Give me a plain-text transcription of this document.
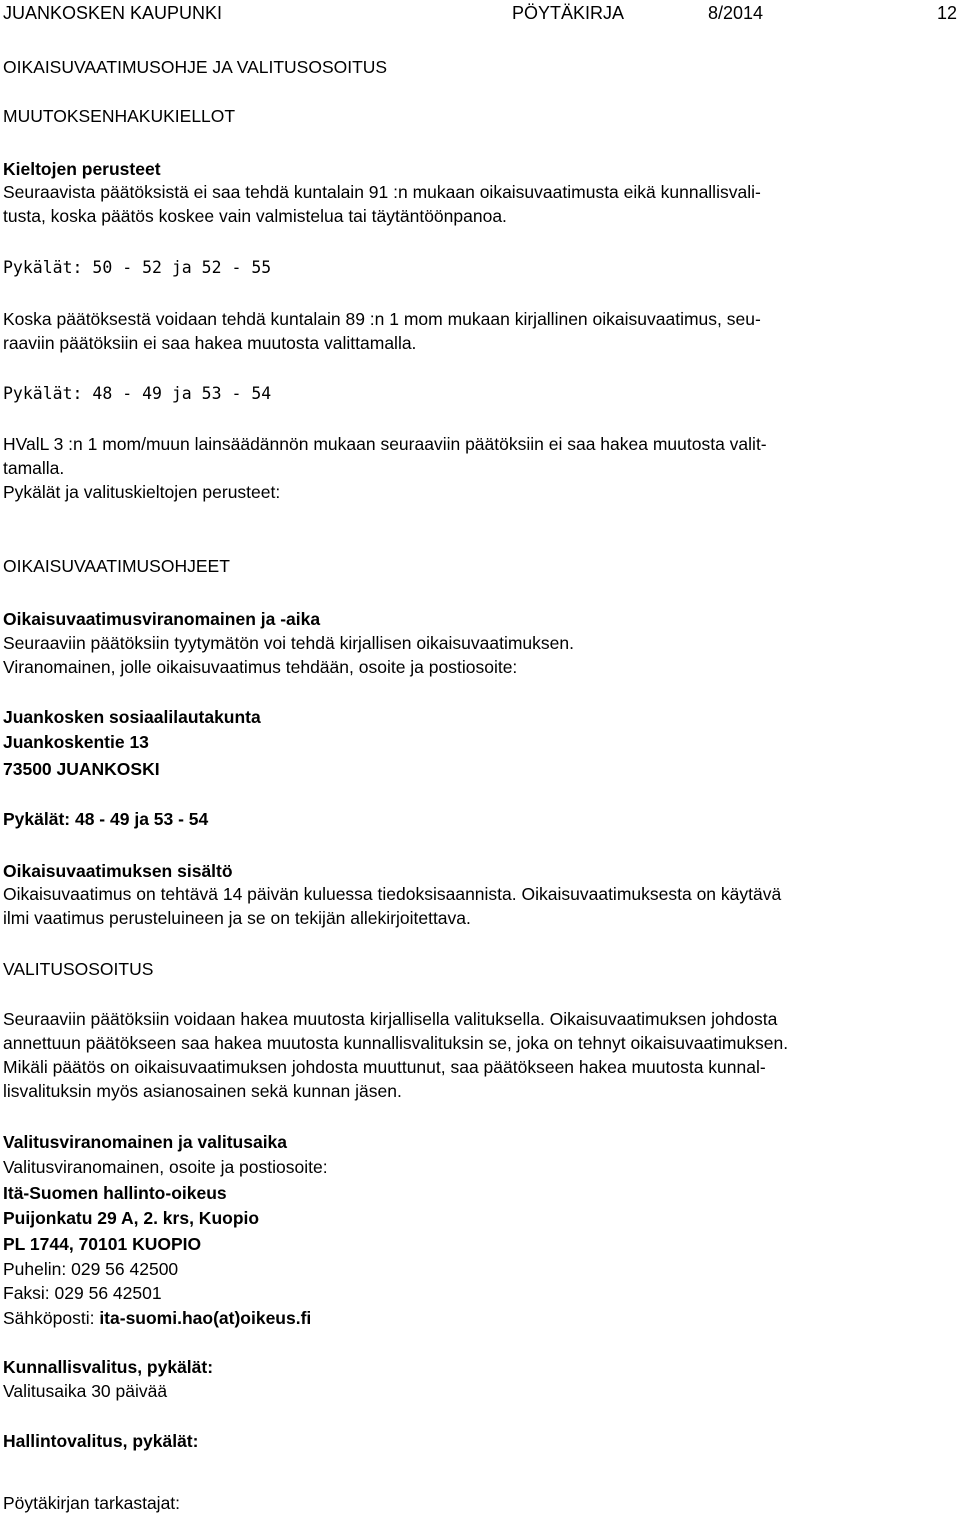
JUANKOSKEN KAUPUNKI	PÖYTÄKIRJA	8/2014	12
OIKAISUVAATIMUSOHJE JA VALITUSOSOITUS
MUUTOKSENHAKUKIELLOT
Kieltojen perusteet
Seuraavista päätöksistä ei saa tehdä kuntalain 91 :n mukaan oikaisuvaatimusta eikä kunnallisvali-
tusta, koska päätös koskee vain valmistelua tai täytäntöönpanoa.
Pykälät: 50 - 52 ja 52 - 55
Koska päätöksestä voidaan tehdä kuntalain 89 :n 1 mom mukaan kirjallinen oikaisuvaatimus, seu-
raaviin päätöksiin ei saa hakea muutosta valittamalla.
Pykälät: 48 - 49 ja 53 - 54
HValL 3 :n 1 mom/muun lainsäädännön mukaan seuraaviin päätöksiin ei saa hakea muutosta valit-
tamalla.
Pykälät ja valituskieltojen perusteet:
OIKAISUVAATIMUSOHJEET
Oikaisuvaatimusviranomainen ja -aika
Seuraaviin päätöksiin tyytymätön voi tehdä kirjallisen oikaisuvaatimuksen.
Viranomainen, jolle oikaisuvaatimus tehdään, osoite ja postiosoite:
Juankosken sosiaalilautakunta
Juankoskentie 13
73500 JUANKOSKI
Pykälät: 48 - 49 ja 53 - 54
Oikaisuvaatimuksen sisältö
Oikaisuvaatimus on tehtävä 14 päivän kuluessa tiedoksisaannista. Oikaisuvaatimuksesta on käytävä
ilmi vaatimus perusteluineen ja se on tekijän allekirjoitettava.
VALITUSOSOITUS
Seuraaviin päätöksiin voidaan hakea muutosta kirjallisella valituksella. Oikaisuvaatimuksen johdosta
annettuun päätökseen saa hakea muutosta kunnallisvalituksin se, joka on tehnyt oikaisuvaatimuksen.
Mikäli päätös on oikaisuvaatimuksen johdosta muuttunut, saa päätökseen hakea muutosta kunnal-
lisvalituksin myös asianosainen sekä kunnan jäsen.
Valitusviranomainen ja valitusaika
Valitusviranomainen, osoite ja postiosoite:
Itä-Suomen hallinto-oikeus
Puijonkatu 29 A, 2. krs, Kuopio
PL 1744, 70101 KUOPIO
Puhelin: 029 56 42500
Faksi: 029 56 42501
Sähköposti: ita-suomi.hao(at)oikeus.fi
Kunnallisvalitus, pykälät:
Valitusaika 30 päivää
Hallintovalitus, pykälät:
Pöytäkirjan tarkastajat:
